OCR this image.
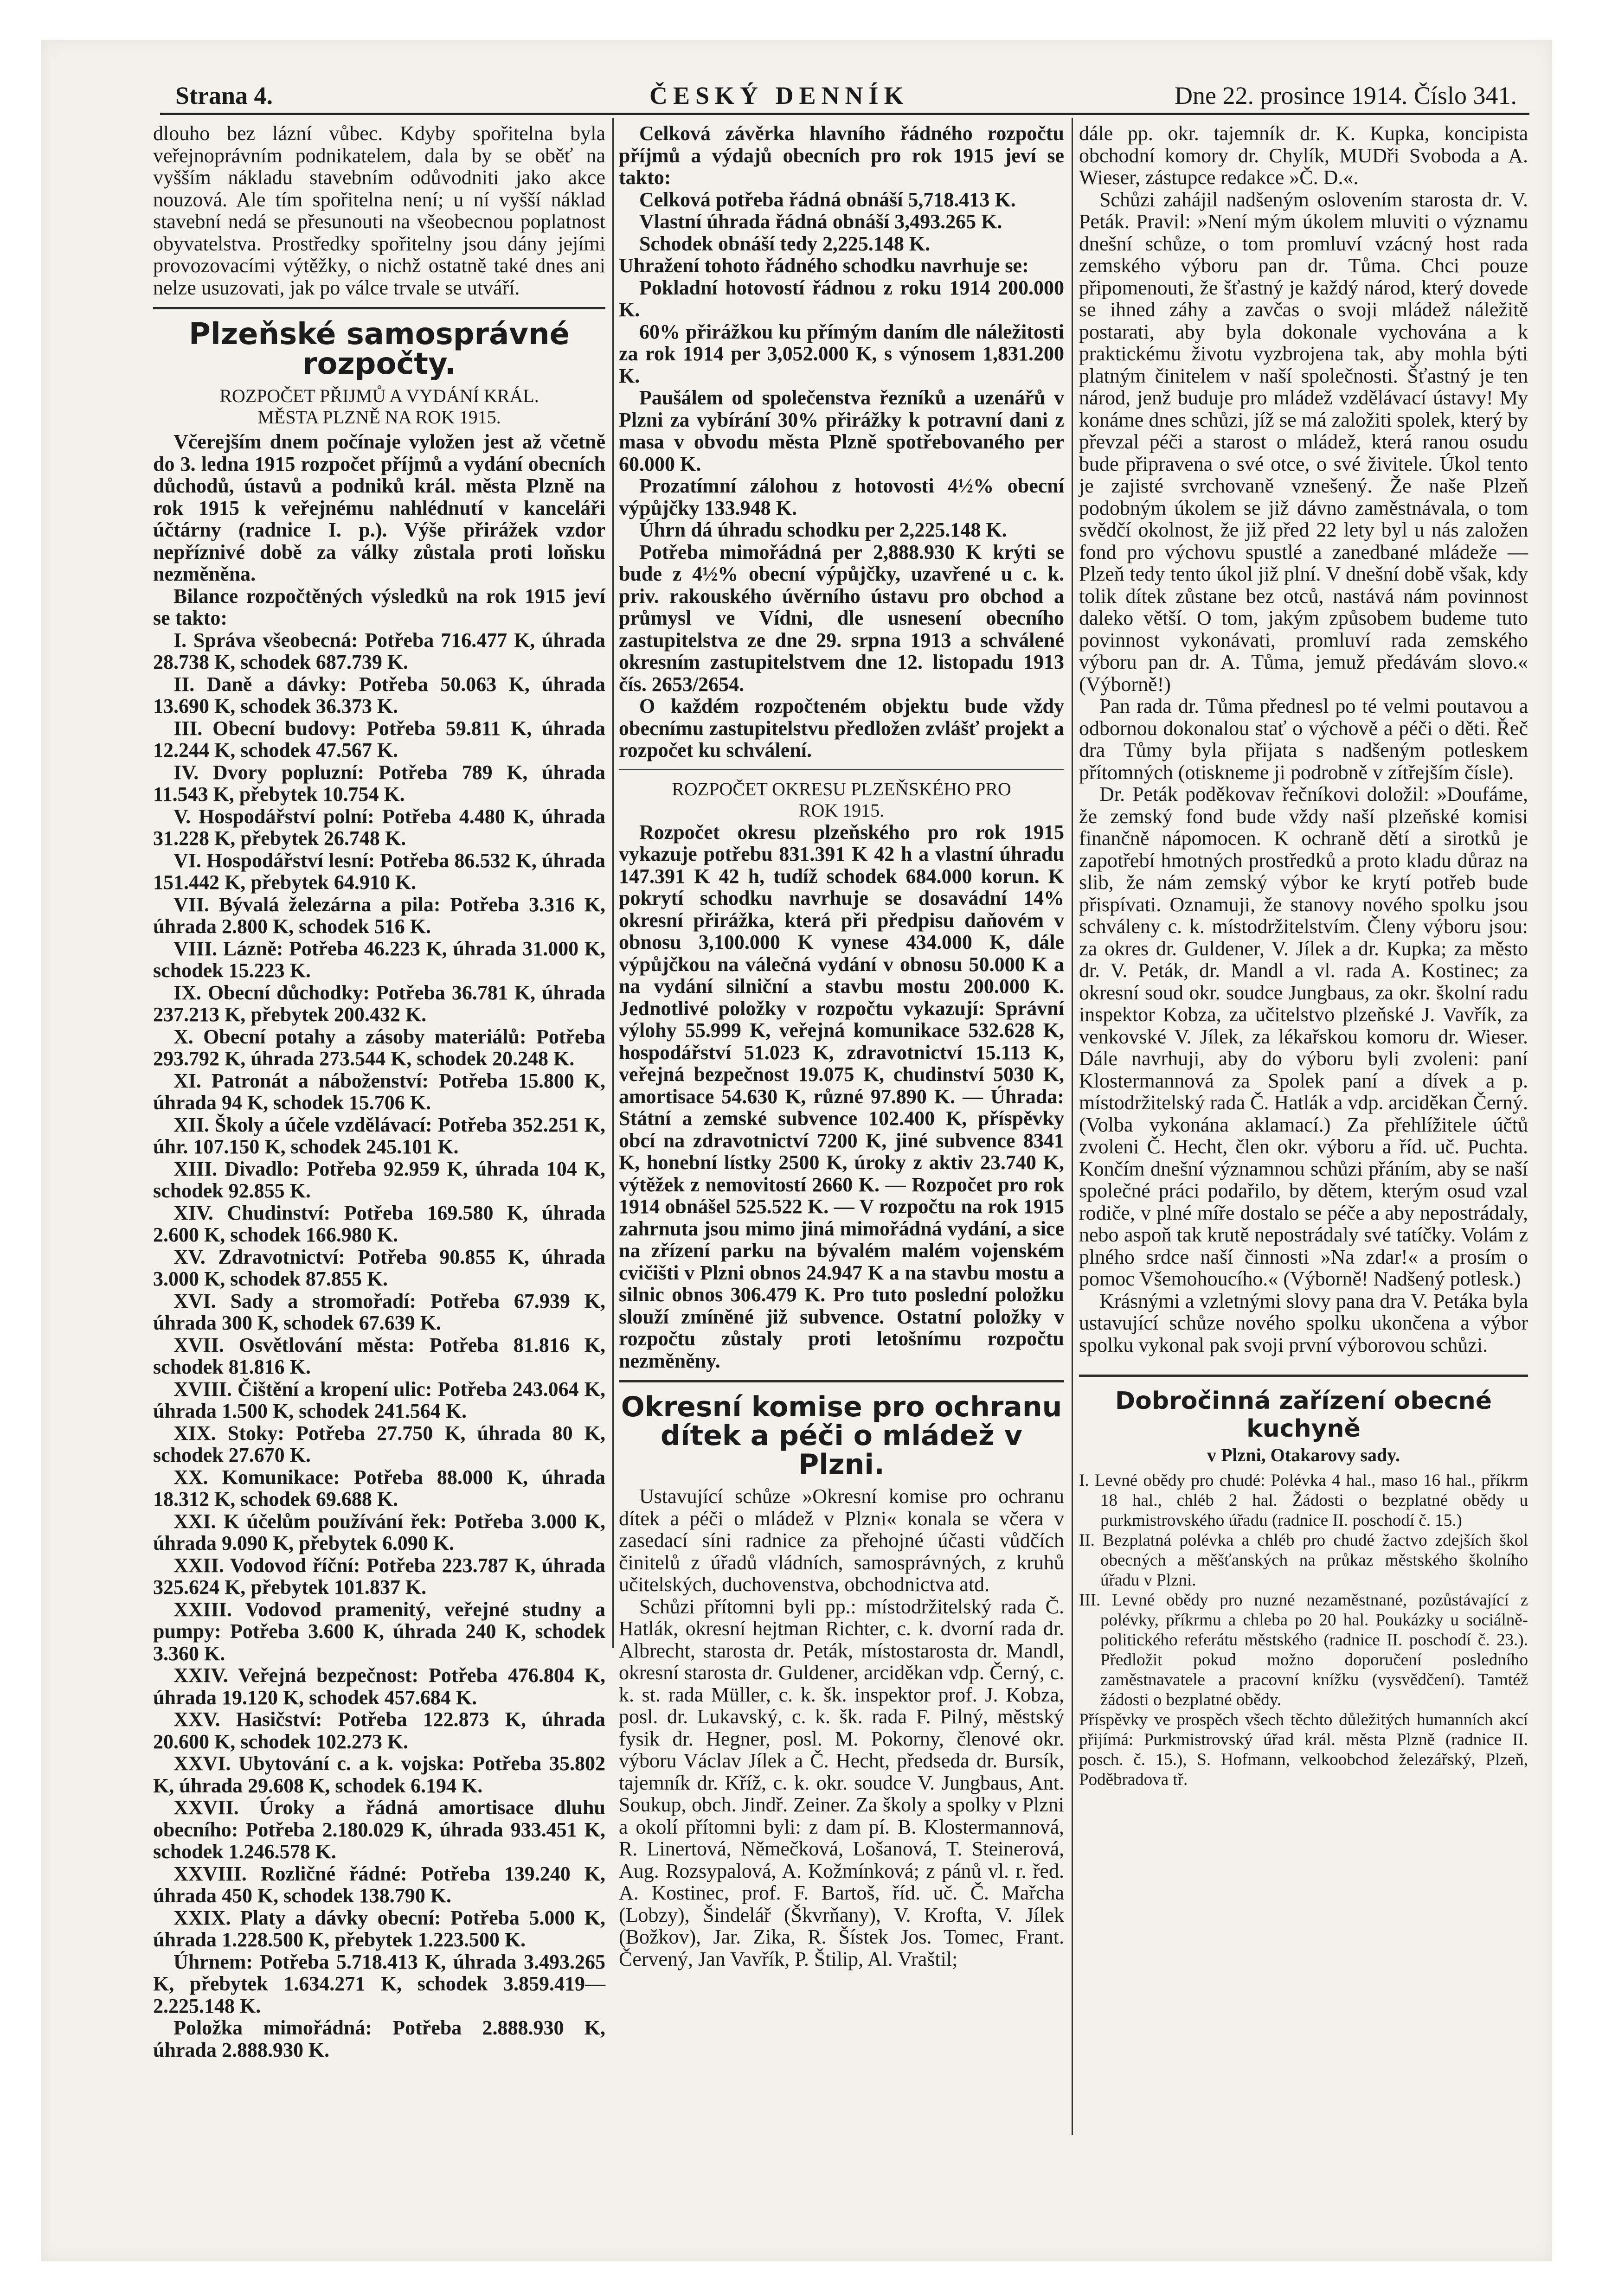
Strana 4.	ČESKÝ DENNÍK	Dne 22. prosince 1914. Číslo 341.

dlouho bez lázní vůbec. Kdyby spořitelna byla veřejnoprávním podnikatelem, dala by se oběť na vyšším nákladu stavebním odůvodniti jako akce nouzová. Ale tím spořitelna není; u ní vyšší náklad stavební nedá se přesunouti na všeobecnou poplatnost obyvatelstva. Prostředky spořitelny jsou dány jejími provozovacími výtěžky, o nichž ostatně také dnes ani nelze usuzovati, jak po válce trvale se utváří.

Plzeňské samosprávné rozpočty.

ROZPOČET PŘIJMŮ A VYDÁNÍ KRÁL.

MĚSTA PLZNĚ NA ROK 1915.

Včerejším dnem počínaje vyložen jest až včetně do 3. ledna 1915 rozpočet příjmů a vydání obecních důchodů, ústavů a podniků král. města Plzně na rok 1915 k veřejnému nahlédnutí v kanceláři účtárny (radnice I. p.). Výše přirážek vzdor nepříznivé době za války zůstala proti loňsku nezměněna.

Bilance rozpočtěných výsledků na rok 1915 jeví se takto:

I. Správa všeobecná: Potřeba 716.477 K, úhrada 28.738 K, schodek 687.739 K.

II. Daně a dávky: Potřeba 50.063 K, úhrada 13.690 K, schodek 36.373 K.

III. Obecní budovy: Potřeba 59.811 K, úhrada 12.244 K, schodek 47.567 K.

IV. Dvory popluzní: Potřeba 789 K, úhrada 11.543 K, přebytek 10.754 K.

V. Hospodářství polní: Potřeba 4.480 K, úhrada 31.228 K, přebytek 26.748 K.

VI. Hospodářství lesní: Potřeba 86.532 K, úhrada 151.442 K, přebytek 64.910 K.

VII. Bývalá železárna a pila: Potřeba 3.316 K, úhrada 2.800 K, schodek 516 K.

VIII. Lázně: Potřeba 46.223 K, úhrada 31.000 K, schodek 15.223 K.

IX. Obecní důchodky: Potřeba 36.781 K, úhrada 237.213 K, přebytek 200.432 K.

X. Obecní potahy a zásoby materiálů: Potřeba 293.792 K, úhrada 273.544 K, schodek 20.248 K.

XI. Patronát a náboženství: Potřeba 15.800 K, úhrada 94 K, schodek 15.706 K.

XII. Školy a účele vzdělávací: Potřeba 352.251 K, úhr. 107.150 K, schodek 245.101 K.

XIII. Divadlo: Potřeba 92.959 K, úhrada 104 K, schodek 92.855 K.

XIV. Chudinství: Potřeba 169.580 K, úhrada 2.600 K, schodek 166.980 K.

XV. Zdravotnictví: Potřeba 90.855 K, úhrada 3.000 K, schodek 87.855 K.

XVI. Sady a stromořadí: Potřeba 67.939 K, úhrada 300 K, schodek 67.639 K.

XVII. Osvětlování města: Potřeba 81.816 K, schodek 81.816 K.

XVIII. Čištění a kropení ulic: Potřeba 243.064 K, úhrada 1.500 K, schodek 241.564 K.

XIX. Stoky: Potřeba 27.750 K, úhrada 80 K, schodek 27.670 K.

XX. Komunikace: Potřeba 88.000 K, úhrada 18.312 K, schodek 69.688 K.

XXI. K účelům používání řek: Potřeba 3.000 K, úhrada 9.090 K, přebytek 6.090 K.

XXII. Vodovod říční: Potřeba 223.787 K, úhrada 325.624 K, přebytek 101.837 K.

XXIII. Vodovod pramenitý, veřejné studny a pumpy: Potřeba 3.600 K, úhrada 240 K, schodek 3.360 K.

XXIV. Veřejná bezpečnost: Potřeba 476.804 K, úhrada 19.120 K, schodek 457.684 K.

XXV. Hasičství: Potřeba 122.873 K, úhrada 20.600 K, schodek 102.273 K.

XXVI. Ubytování c. a k. vojska: Potřeba 35.802 K, úhrada 29.608 K, schodek 6.194 K.

XXVII. Úroky a řádná amortisace dluhu obecního: Potřeba 2.180.029 K, úhrada 933.451 K, schodek 1.246.578 K.

XXVIII. Rozličné řádné: Potřeba 139.240 K, úhrada 450 K, schodek 138.790 K.

XXIX. Platy a dávky obecní: Potřeba 5.000 K, úhrada 1.228.500 K, přebytek 1.223.500 K.

Úhrnem: Potřeba 5.718.413 K, úhrada 3.493.265 K, přebytek 1.634.271 K, schodek 3.859.419—2.225.148 K.

Položka mimořádná: Potřeba 2.888.930 K, úhrada 2.888.930 K.

Celková závěrka hlavního řádného rozpočtu příjmů a výdajů obecních pro rok 1915 jeví se takto:

Celková potřeba řádná obnáší 5,718.413 K.

Vlastní úhrada řádná obnáší 3,493.265 K.

Schodek obnáší tedy 2,225.148 K.

Uhražení tohoto řádného schodku navrhuje se:

Pokladní hotovostí řádnou z roku 1914 200.000 K.

60% přirážkou ku přímým daním dle náležitosti za rok 1914 per 3,052.000 K, s výnosem 1,831.200 K.

Paušálem od společenstva řezníků a uzenářů v Plzni za vybírání 30% přirážky k potravní dani z masa v obvodu města Plzně spotřebovaného per 60.000 K.

Prozatímní zálohou z hotovosti 4½% obecní výpůjčky 133.948 K.

Úhrn dá úhradu schodku per 2,225.148 K.

Potřeba mimořádná per 2,888.930 K krýti se bude z 4½% obecní výpůjčky, uzavřené u c. k. priv. rakouského úvěrního ústavu pro obchod a průmysl ve Vídni, dle usnesení obecního zastupitelstva ze dne 29. srpna 1913 a schválené okresním zastupitelstvem dne 12. listopadu 1913 čís. 2653/2654.

O každém rozpočteném objektu bude vždy obecnímu zastupitelstvu předložen zvlášť projekt a rozpočet ku schválení.

ROZPOČET OKRESU PLZEŇSKÉHO PRO ROK 1915.

Rozpočet okresu plzeňského pro rok 1915 vykazuje potřebu 831.391 K 42 h a vlastní úhradu 147.391 K 42 h, tudíž schodek 684.000 korun. K pokrytí schodku navrhuje se dosavádní 14% okresní přirážka, která při předpisu daňovém v obnosu 3,100.000 K vynese 434.000 K, dále výpůjčkou na válečná vydání v obnosu 50.000 K a na vydání silniční a stavbu mostu 200.000 K. Jednotlivé položky v rozpočtu vykazují: Správní výlohy 55.999 K, veřejná komunikace 532.628 K, hospodářství 51.023 K, zdravotnictví 15.113 K, veřejná bezpečnost 19.075 K, chudinství 5030 K, amortisace 54.630 K, různé 97.890 K. — Úhrada: Státní a zemské subvence 102.400 K, příspěvky obcí na zdravotnictví 7200 K, jiné subvence 8341 K, honební lístky 2500 K, úroky z aktiv 23.740 K, výtěžek z nemovitostí 2660 K. — Rozpočet pro rok 1914 obnášel 525.522 K. — V rozpočtu na rok 1915 zahrnuta jsou mimo jiná mimořádná vydání, a sice na zřízení parku na bývalém malém vojenském cvičišti v Plzni obnos 24.947 K a na stavbu mostu a silnic obnos 306.479 K. Pro tuto poslední položku slouží zmíněné již subvence. Ostatní položky v rozpočtu zůstaly proti letošnímu rozpočtu nezměněny.

Okresní komise pro ochranu dítek a péči o mládež v Plzni.

Ustavující schůze »Okresní komise pro ochranu dítek a péči o mládež v Plzni« konala se včera v zasedací síni radnice za přehojné účasti vůdčích činitelů z úřadů vládních, samosprávných, z kruhů učitelských, duchovenstva, obchodnictva atd.

Schůzi přítomni byli pp.: místodržitelský rada Č. Hatlák, okresní hejtman Richter, c. k. dvorní rada dr. Albrecht, starosta dr. Peták, místostarosta dr. Mandl, okresní starosta dr. Guldener, arciděkan vdp. Černý, c. k. st. rada Müller, c. k. šk. inspektor prof. J. Kobza, posl. dr. Lukavský, c. k. šk. rada F. Pilný, městský fysik dr. Hegner, posl. M. Pokorny, členové okr. výboru Václav Jílek a Č. Hecht, předseda dr. Bursík, tajemník dr. Kříž, c. k. okr. soudce V. Jungbaus, Ant. Soukup, obch. Jindř. Zeiner. Za školy a spolky v Plzni a okolí přítomni byli: z dam pí. B. Klostermannová, R. Linertová, Němečková, Lošanová, T. Steinerová, Aug. Rozsypalová, A. Kožmínková; z pánů vl. r. řed. A. Kostinec, prof. F. Bartoš, říd. uč. Č. Mařcha (Lobzy), Šindelář (Škvrňany), V. Krofta, V. Jílek (Božkov), Jar. Zika, R. Šístek Jos. Tomec, Frant. Červený, Jan Vavřík, P. Štilip, Al. Vraštil;

dále pp. okr. tajemník dr. K. Kupka, koncipista obchodní komory dr. Chylík, MUDři Svoboda a A. Wieser, zástupce redakce »Č. D.«.

Schůzi zahájil nadšeným oslovením starosta dr. V. Peták. Pravil: »Není mým úkolem mluviti o významu dnešní schůze, o tom promluví vzácný host rada zemského výboru pan dr. Tůma. Chci pouze připomenouti, že šťastný je každý národ, který dovede se ihned záhy a zavčas o svoji mládež náležitě postarati, aby byla dokonale vychována a k praktickému životu vyzbrojena tak, aby mohla býti platným činitelem v naší společnosti. Šťastný je ten národ, jenž buduje pro mládež vzdělávací ústavy! My konáme dnes schůzi, jíž se má založiti spolek, který by převzal péči a starost o mládež, která ranou osudu bude připravena o své otce, o své živitele. Úkol tento je zajisté svrchovaně vznešený. Že naše Plzeň podobným úkolem se již dávno zaměstnávala, o tom svědčí okolnost, že již před 22 lety byl u nás založen fond pro výchovu spustlé a zanedbané mládeže — Plzeň tedy tento úkol již plní. V dnešní době však, kdy tolik dítek zůstane bez otců, nastává nám povinnost daleko větší. O tom, jakým způsobem budeme tuto povinnost vykonávati, promluví rada zemského výboru pan dr. A. Tůma, jemuž předávám slovo.« (Výborně!)

Pan rada dr. Tůma přednesl po té velmi poutavou a odbornou dokonalou stať o výchově a péči o děti. Řeč dra Tůmy byla přijata s nadšeným potleskem přítomných (otiskneme ji podrobně v zítřejším čísle).

Dr. Peták poděkovav řečníkovi doložil: »Doufáme, že zemský fond bude vždy naší plzeňské komisi finančně nápomocen. K ochraně dětí a sirotků je zapotřebí hmotných prostředků a proto kladu důraz na slib, že nám zemský výbor ke krytí potřeb bude přispívati. Oznamuji, že stanovy nového spolku jsou schváleny c. k. místodržitelstvím. Členy výboru jsou: za okres dr. Guldener, V. Jílek a dr. Kupka; za město dr. V. Peták, dr. Mandl a vl. rada A. Kostinec; za okresní soud okr. soudce Jungbaus, za okr. školní radu inspektor Kobza, za učitelstvo plzeňské J. Vavřík, za venkovské V. Jílek, za lékařskou komoru dr. Wieser. Dále navrhuji, aby do výboru byli zvoleni: paní Klostermannová za Spolek paní a dívek a p. místodržitelský rada Č. Hatlák a vdp. arciděkan Černý. (Volba vykonána aklamací.) Za přehlížitele účtů zvoleni Č. Hecht, člen okr. výboru a říd. uč. Puchta. Končím dnešní významnou schůzi přáním, aby se naší společné práci podařilo, by dětem, kterým osud vzal rodiče, v plné míře dostalo se péče a aby nepostrádaly, nebo aspoň tak krutě nepostrádaly své tatíčky. Volám z plného srdce naší činnosti »Na zdar!« a prosím o pomoc Všemohoucího.« (Výborně! Nadšený potlesk.)

Krásnými a vzletnými slovy pana dra V. Petáka byla ustavující schůze nového spolku ukončena a výbor spolku vykonal pak svoji první výborovou schůzi.

Dobročinná zařízení obecné kuchyně

v Plzni, Otakarovy sady.

I. Levné obědy pro chudé: Polévka 4 hal., maso 16 hal., příkrm 18 hal., chléb 2 hal. Žádosti o bezplatné obědy u purkmistrovského úřadu (radnice II. poschodí č. 15.)

II. Bezplatná polévka a chléb pro chudé žactvo zdejších škol obecných a měšťanských na průkaz městského školního úřadu v Plzni.

III. Levné obědy pro nuzné nezaměstnané, pozůstávající z polévky, příkrmu a chleba po 20 hal. Poukázky u sociálně-politického referátu městského (radnice II. poschodí č. 23.). Předložit pokud možno doporučení posledního zaměstnavatele a pracovní knížku (vysvědčení). Tamtéž žádosti o bezplatné obědy.

Příspěvky ve prospěch všech těchto důležitých humanních akcí přijímá: Purkmistrovský úřad král. města Plzně (radnice II. posch. č. 15.), S. Hofmann, velkoobchod železářský, Plzeň, Poděbradova tř.
